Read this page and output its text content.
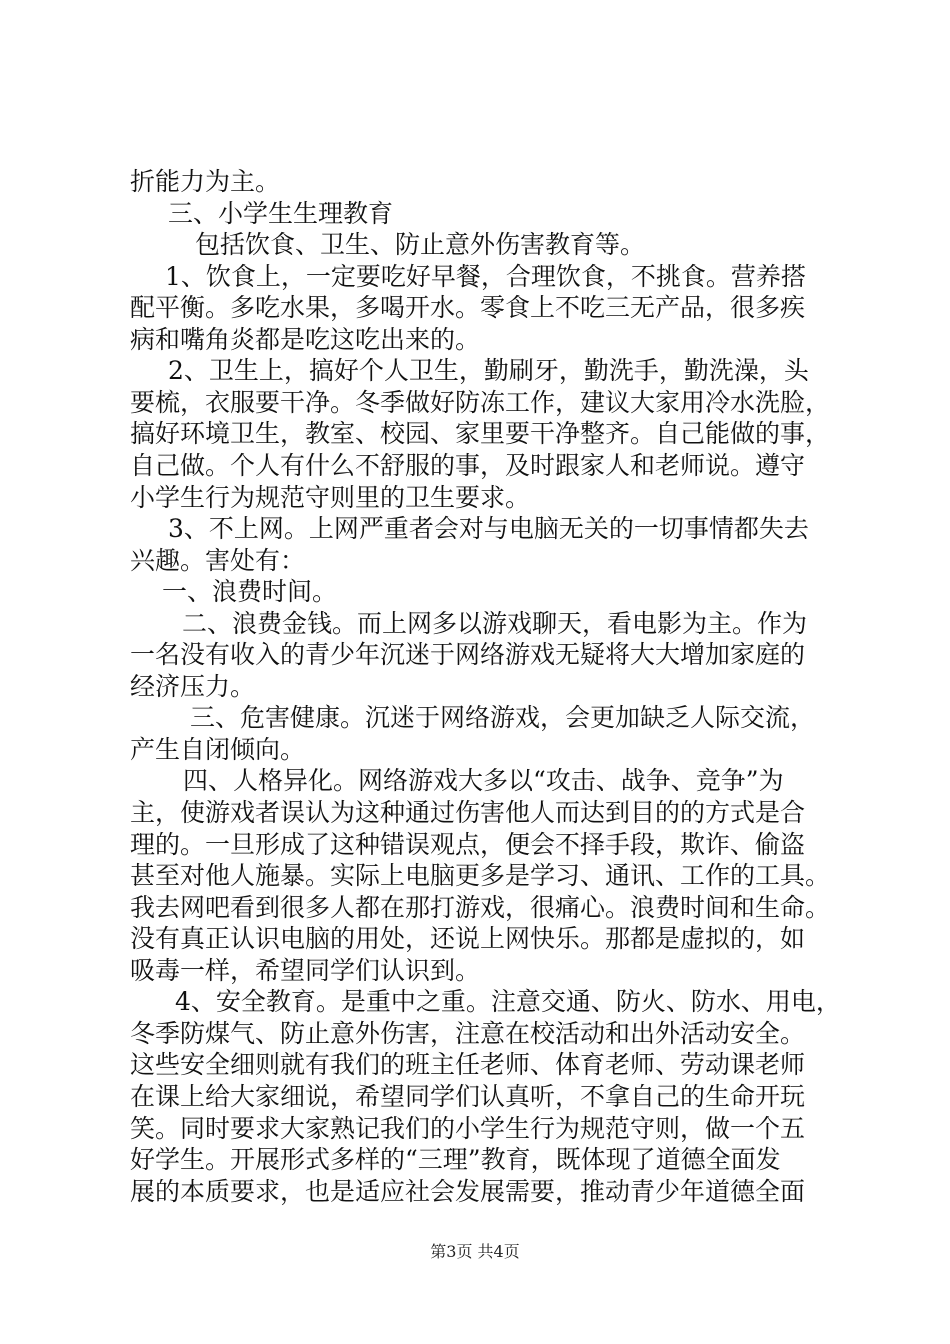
折能力为主。
三、小学生生理教育
包括饮食、卫生、防止意外伤害教育等。
1、饮食上，一定要吃好早餐，合理饮食，不挑食。营养搭
配平衡。多吃水果，多喝开水。零食上不吃三无产品，很多疾
病和嘴角炎都是吃这吃出来的。
2、卫生上，搞好个人卫生，勤刷牙，勤洗手，勤洗澡，头
要梳，衣服要干净。冬季做好防冻工作，建议大家用冷水洗脸，
搞好环境卫生，教室、校园、家里要干净整齐。自己能做的事，
自己做。个人有什么不舒服的事，及时跟家人和老师说。遵守
小学生行为规范守则里的卫生要求。
3、不上网。上网严重者会对与电脑无关的一切事情都失去
兴趣。害处有：
一、浪费时间。
二、浪费金钱。而上网多以游戏聊天，看电影为主。作为
一名没有收入的青少年沉迷于网络游戏无疑将大大增加家庭的
经济压力。
三、危害健康。沉迷于网络游戏，会更加缺乏人际交流，
产生自闭倾向。
四、人格异化。网络游戏大多以“攻击、战争、竞争”为
主，使游戏者误认为这种通过伤害他人而达到目的的方式是合
理的。一旦形成了这种错误观点，便会不择手段，欺诈、偷盗
甚至对他人施暴。实际上电脑更多是学习、通讯、工作的工具。
我去网吧看到很多人都在那打游戏，很痛心。浪费时间和生命。
没有真正认识电脑的用处，还说上网快乐。那都是虚拟的，如
吸毒一样，希望同学们认识到。
4、安全教育。是重中之重。注意交通、防火、防水、用电，
冬季防煤气、防止意外伤害，注意在校活动和出外活动安全。
这些安全细则就有我们的班主任老师、体育老师、劳动课老师
在课上给大家细说，希望同学们认真听，不拿自己的生命开玩
笑。同时要求大家熟记我们的小学生行为规范守则，做一个五
好学生。开展形式多样的“三理”教育，既体现了道德全面发
展的本质要求，也是适应社会发展需要，推动青少年道德全面
第3页 共4页
